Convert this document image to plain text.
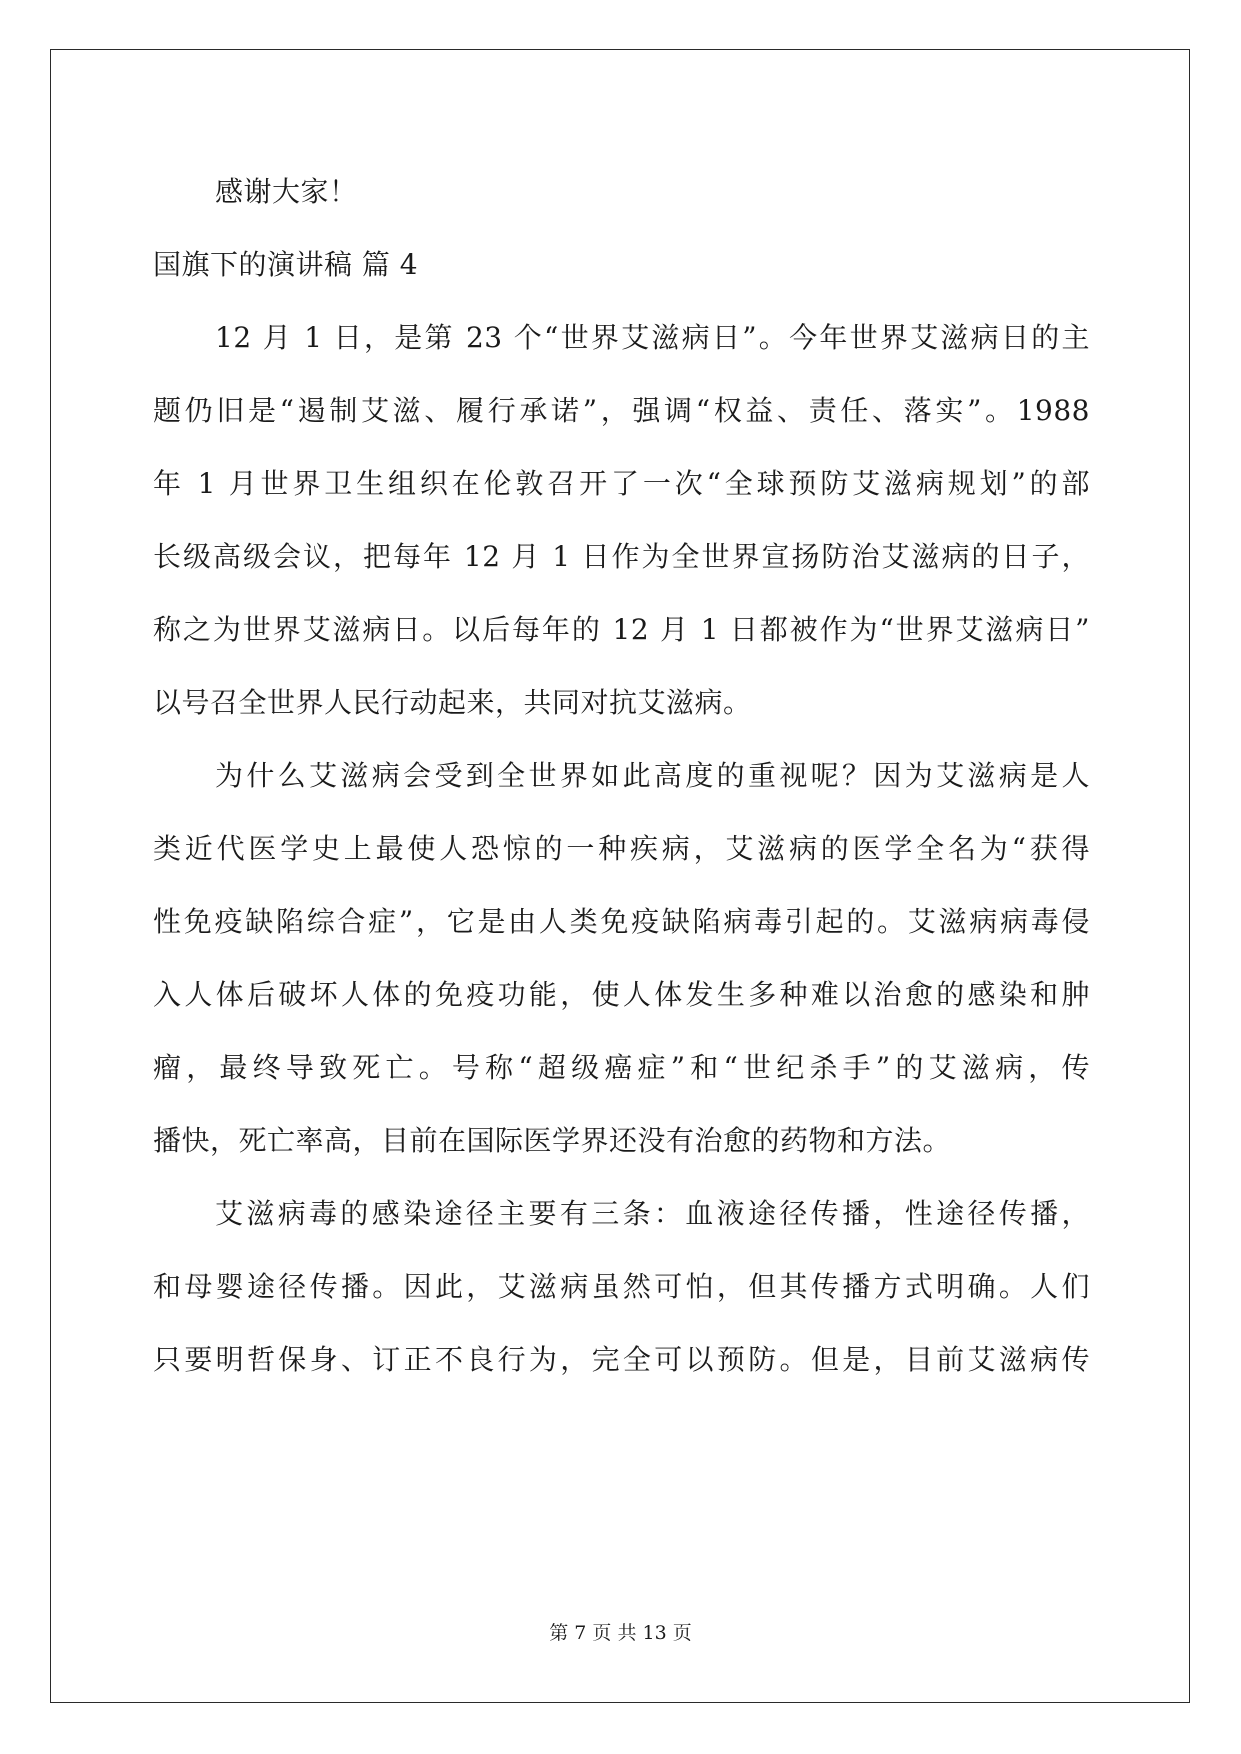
感谢大家！
国旗下的演讲稿 篇 4
12 月 1 日，是第 23 个“世界艾滋病日”。今年世界艾滋病日的主
题仍旧是“遏制艾滋、履行承诺”，强调“权益、责任、落实”。1988
年 1 月世界卫生组织在伦敦召开了一次“全球预防艾滋病规划”的部
长级高级会议，把每年 12 月 1 日作为全世界宣扬防治艾滋病的日子，
称之为世界艾滋病日。以后每年的 12 月 1 日都被作为“世界艾滋病日”
以号召全世界人民行动起来，共同对抗艾滋病。
为什么艾滋病会受到全世界如此高度的重视呢？因为艾滋病是人
类近代医学史上最使人恐惊的一种疾病，艾滋病的医学全名为“获得
性免疫缺陷综合症”，它是由人类免疫缺陷病毒引起的。艾滋病病毒侵
入人体后破坏人体的免疫功能，使人体发生多种难以治愈的感染和肿
瘤，最终导致死亡。号称“超级癌症”和“世纪杀手”的艾滋病，传
播快，死亡率高，目前在国际医学界还没有治愈的药物和方法。
艾滋病毒的感染途径主要有三条：血液途径传播，性途径传播，
和母婴途径传播。因此，艾滋病虽然可怕，但其传播方式明确。人们
只要明哲保身、订正不良行为，完全可以预防。但是，目前艾滋病传
第 7 页 共 13 页
